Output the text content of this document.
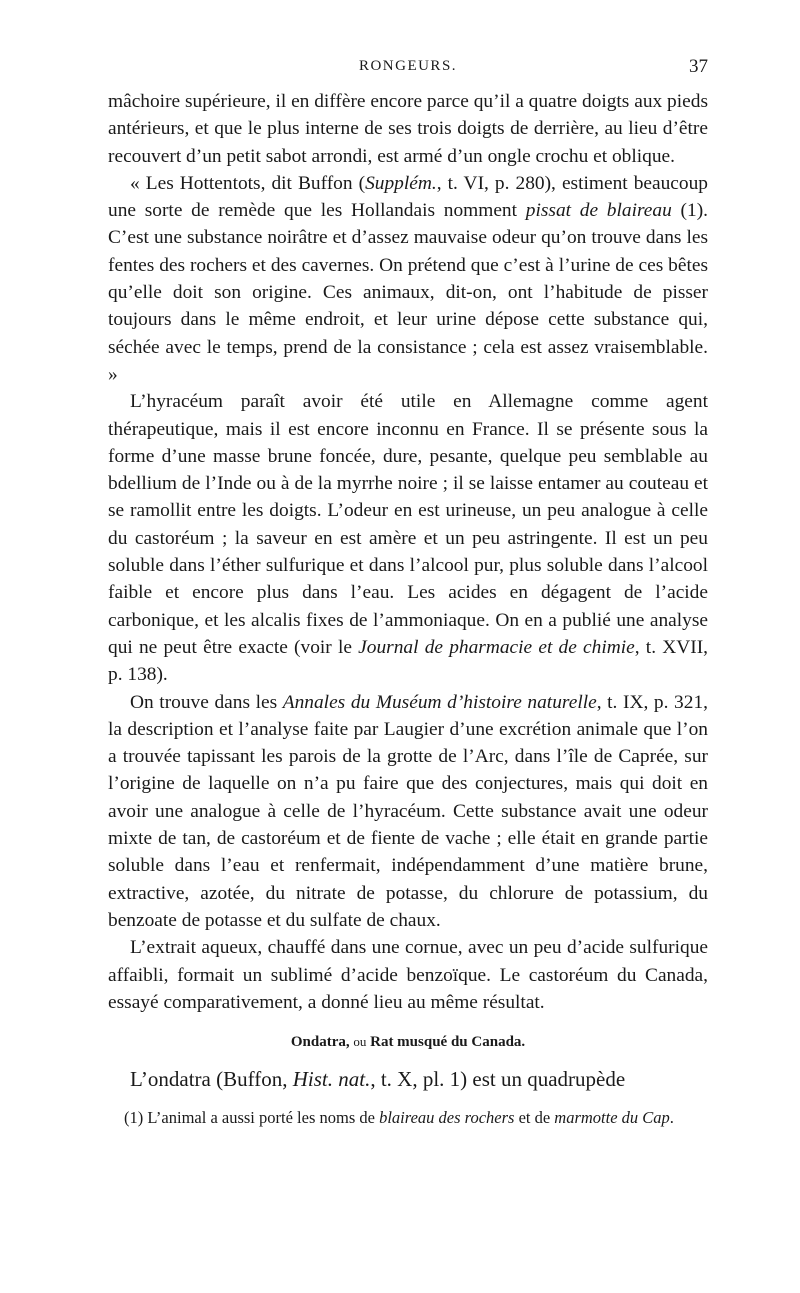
RONGEURS.	37

mâchoire supérieure, il en diffère encore parce qu’il a quatre doigts aux pieds antérieurs, et que le plus interne de ses trois doigts de derrière, au lieu d’être recouvert d’un petit sabot arrondi, est armé d’un ongle crochu et oblique.

« Les Hottentots, dit Buffon (Supplém., t. VI, p. 280), estiment beaucoup une sorte de remède que les Hollandais nomment pissat de blaireau (1). C’est une substance noirâtre et d’assez mauvaise odeur qu’on trouve dans les fentes des rochers et des cavernes. On prétend que c’est à l’urine de ces bêtes qu’elle doit son origine. Ces animaux, dit-on, ont l’habitude de pisser toujours dans le même endroit, et leur urine dépose cette substance qui, séchée avec le temps, prend de la consistance ; cela est assez vraisemblable. »

L’hyracéum paraît avoir été utile en Allemagne comme agent thérapeutique, mais il est encore inconnu en France. Il se présente sous la forme d’une masse brune foncée, dure, pesante, quelque peu semblable au bdellium de l’Inde ou à de la myrrhe noire ; il se laisse entamer au couteau et se ramollit entre les doigts. L’odeur en est urineuse, un peu analogue à celle du castoréum ; la saveur en est amère et un peu astringente. Il est un peu soluble dans l’éther sulfurique et dans l’alcool pur, plus soluble dans l’alcool faible et encore plus dans l’eau. Les acides en dégagent de l’acide carbonique, et les alcalis fixes de l’ammoniaque. On en a publié une analyse qui ne peut être exacte (voir le Journal de pharmacie et de chimie, t. XVII, p. 138).

On trouve dans les Annales du Muséum d’histoire naturelle, t. IX, p. 321, la description et l’analyse faite par Laugier d’une excrétion animale que l’on a trouvée tapissant les parois de la grotte de l’Arc, dans l’île de Caprée, sur l’origine de laquelle on n’a pu faire que des conjectures, mais qui doit en avoir une analogue à celle de l’hyracéum. Cette substance avait une odeur mixte de tan, de castoréum et de fiente de vache ; elle était en grande partie soluble dans l’eau et renfermait, indépendamment d’une matière brune, extractive, azotée, du nitrate de potasse, du chlorure de potassium, du benzoate de potasse et du sulfate de chaux.

L’extrait aqueux, chauffé dans une cornue, avec un peu d’acide sulfurique affaibli, formait un sublimé d’acide benzoïque. Le castoréum du Canada, essayé comparativement, a donné lieu au même résultat.

Ondatra, ou Rat musqué du Canada.

L’ondatra (Buffon, Hist. nat., t. X, pl. 1) est un quadrupède

(1) L’animal a aussi porté les noms de blaireau des rochers et de marmotte du Cap.
